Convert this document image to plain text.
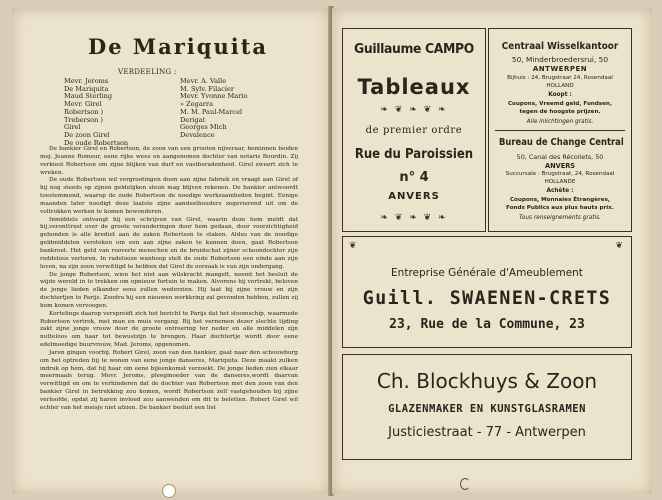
De Mariquita
VERDEELING :
Mevr. Jeroms
De Mariquita
Maud Sterling
Mevr. Girel
Robertson )
Treberson )
Girel
De zoon Girel
De oude Robertson
Mevr. A. Valle
M. Sylv. Filacier
Mevr. Yvonne Mario
» Zegarra
M. M. Paul-Marcel
Derigat
Georges Mich
Devalence

De bankier Girel en Robertson, de zoon van een grooten nijveraar, beminnen beiden mej. Jeanne Romeur, eene rijke wees en aangenomen dochter van notaris Bourdin. Zij verkiest Robertson om zijne blijken van durf en vastberadenheid. Girel zweert zich te wreken.

De oude Robertson wil vergrootingen doen aan zijne fabriek en vraagt aan Girel of hij nog steeds op zijnen geldelijken steun mag blijven rekenen. De bankier antwoordt toestemmend, waarop de oude Robertson de noodige werkzaamheden begint. Eenige maanden later noodigt deze laatste zijne aandeelhouders zegevierend uit om de voltrokken werken te komen bewonderen.

Inmiddels ontvangt hij een schrijven van Girel, waarin deze hem meldt dat hij,veronttrust over de groote veranderingen door hem gedaan, door voorzichtigheid gebonden is alle krediet aan de zaken Robertson te staken. Aldus van de noodige geldmiddelen verstoken om een aan zijne zaken te kunnen doen, gaat Robertson bankroet. Het geld van rooverle menschen en de bruidschat zijner schoondochter zijn reddeloos verloren. In radelooze wanhoop stelt de oude Robertson een einde aan zijn leven, na zijn zoon verwittigd te hebben dat Girel de oorzaak is van zijn ondergang.

De jonge Robertson, wien het niet aan wilskracht mangelt, neemt het besluit de wijde wereld in te trekken om opnieuw fortuin te maken. Alvorens hij vertrekt, beloven de jonge lieden elkander eens zullen wederzien. Hij laat bij zijne vrouw en zijn dochtertjen te Parijs. Zoodra hij een nieuwen werkkring zal gevonden hebben, zullen zij hem komen vervoegen.

Kortelings daarop verspreidt zich het bericht te Parijs dat het stoomschip, waarmede Robertson vertrok, met man en muis vergang. Bij het vernemen dezer slechte tijding zakt zijne jonge vrouw door de groote ontroering ter neder en alle middelen zijn nutteloos om haar tot bewustzijn te brengen. Haar dochtertje wordt door eene edelmoedige buurvrouw, Mad. Jeroms, opgenomen.

Jaren gingen voorbij. Robert Girel, zoon van den bankier, gaat naar den schouwburg om het optreden bij te wonen van eene jonge danseres, Mariquita. Deze maakt zulken indruk op hem, dat hij haar om eene bijeenkomst verzoekt. De jonge lieden zien elkaar meermaals terug. Mevr. Jeroms, pleegmoeder van de danseres,wordt daarvan verwittigd en om te verhinderen dat de dochter van Robertson met den zoon van den bankier Girel in betrekking zou komen, wordt Robertson zelf vastgehouden bij zijne verloofde, opdat zij haren invloed zou aanwenden om dit te beletten. Robert Girel wil echter van het meisje niet afzien. De bankier besluit een list

Guillaume CAMPO
Tableaux
❧ ❦ ❧ ❦ ❧
de premier ordre
Rue du Paroissien
n° 4
ANVERS
❧ ❦ ❧ ❦ ❧
Centraal Wisselkantoor
50, Minderbroedersrui, 50
ANTWERPEN
Bijhuis : 24, Brugstraat 24, Rosendaal
HOLLAND
Koopt :
Coupons, Vreemd geld, Fondsen,
tegen de hoogste prijzen.
Alle inlichtingen gratis.
Bureau de Change Central
50, Canal des Récollets, 50
ANVERS
Succursale : Brugstraat, 24, Rosendaal
HOLLANDE
Achète :
Coupons, Monnaies Étrangères,
Fonds Publics aux plus hauts prix.
Tous renseignements gratis.
❦	❦
Entreprise Générale d'Ameublement
Guill. SWAENEN-CRETS
23, Rue de la Commune, 23
Ch. Blockhuys & Zoon
GLAZENMAKER EN KUNSTGLASRAMEN
Justiciestraat - 77 - Antwerpen
